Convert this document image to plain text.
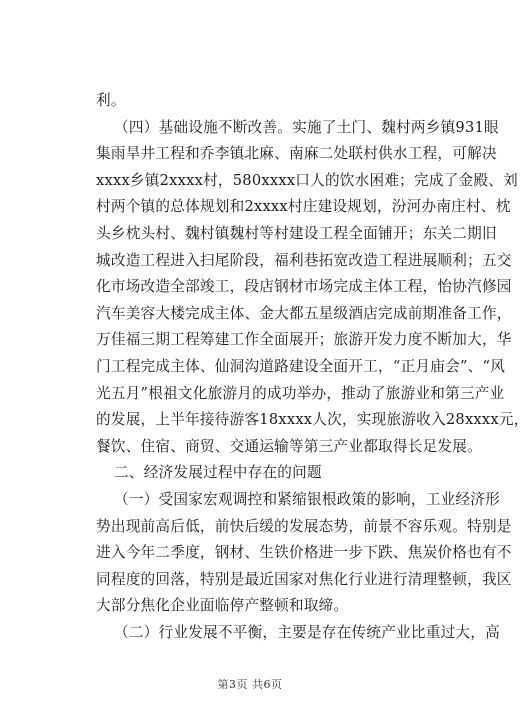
利。
（四）基础设施不断改善。实施了土门、魏村两乡镇931眼
集雨旱井工程和乔李镇北麻、南麻二处联村供水工程，可解决
xxxx乡镇2xxxx村，580xxxx口人的饮水困难；完成了金殿、刘
村两个镇的总体规划和2xxxx村庄建设规划，汾河办南庄村、枕
头乡枕头村、魏村镇魏村等村建设工程全面铺开；东关二期旧
城改造工程进入扫尾阶段，福利巷拓宽改造工程进展顺利；五交
化市场改造全部竣工，段店钢材市场完成主体工程，怡协汽修园
汽车美容大楼完成主体、金大都五星级酒店完成前期准备工作，
万佳福三期工程筹建工作全面展开；旅游开发力度不断加大，华
门工程完成主体、仙洞沟道路建设全面开工，“正月庙会”、“风
光五月”根祖文化旅游月的成功举办，推动了旅游业和第三产业
的发展，上半年接待游客18xxxx人次，实现旅游收入28xxxx元，
餐饮、住宿、商贸、交通运输等第三产业都取得长足发展。
二、经济发展过程中存在的问题
（一）受国家宏观调控和紧缩银根政策的影响，工业经济形
势出现前高后低，前快后缓的发展态势，前景不容乐观。特别是
进入今年二季度，钢材、生铁价格进一步下跌、焦炭价格也有不
同程度的回落，特别是最近国家对焦化行业进行清理整顿，我区
大部分焦化企业面临停产整顿和取缔。
（二）行业发展不平衡，主要是存在传统产业比重过大，高
第3页 共6页
